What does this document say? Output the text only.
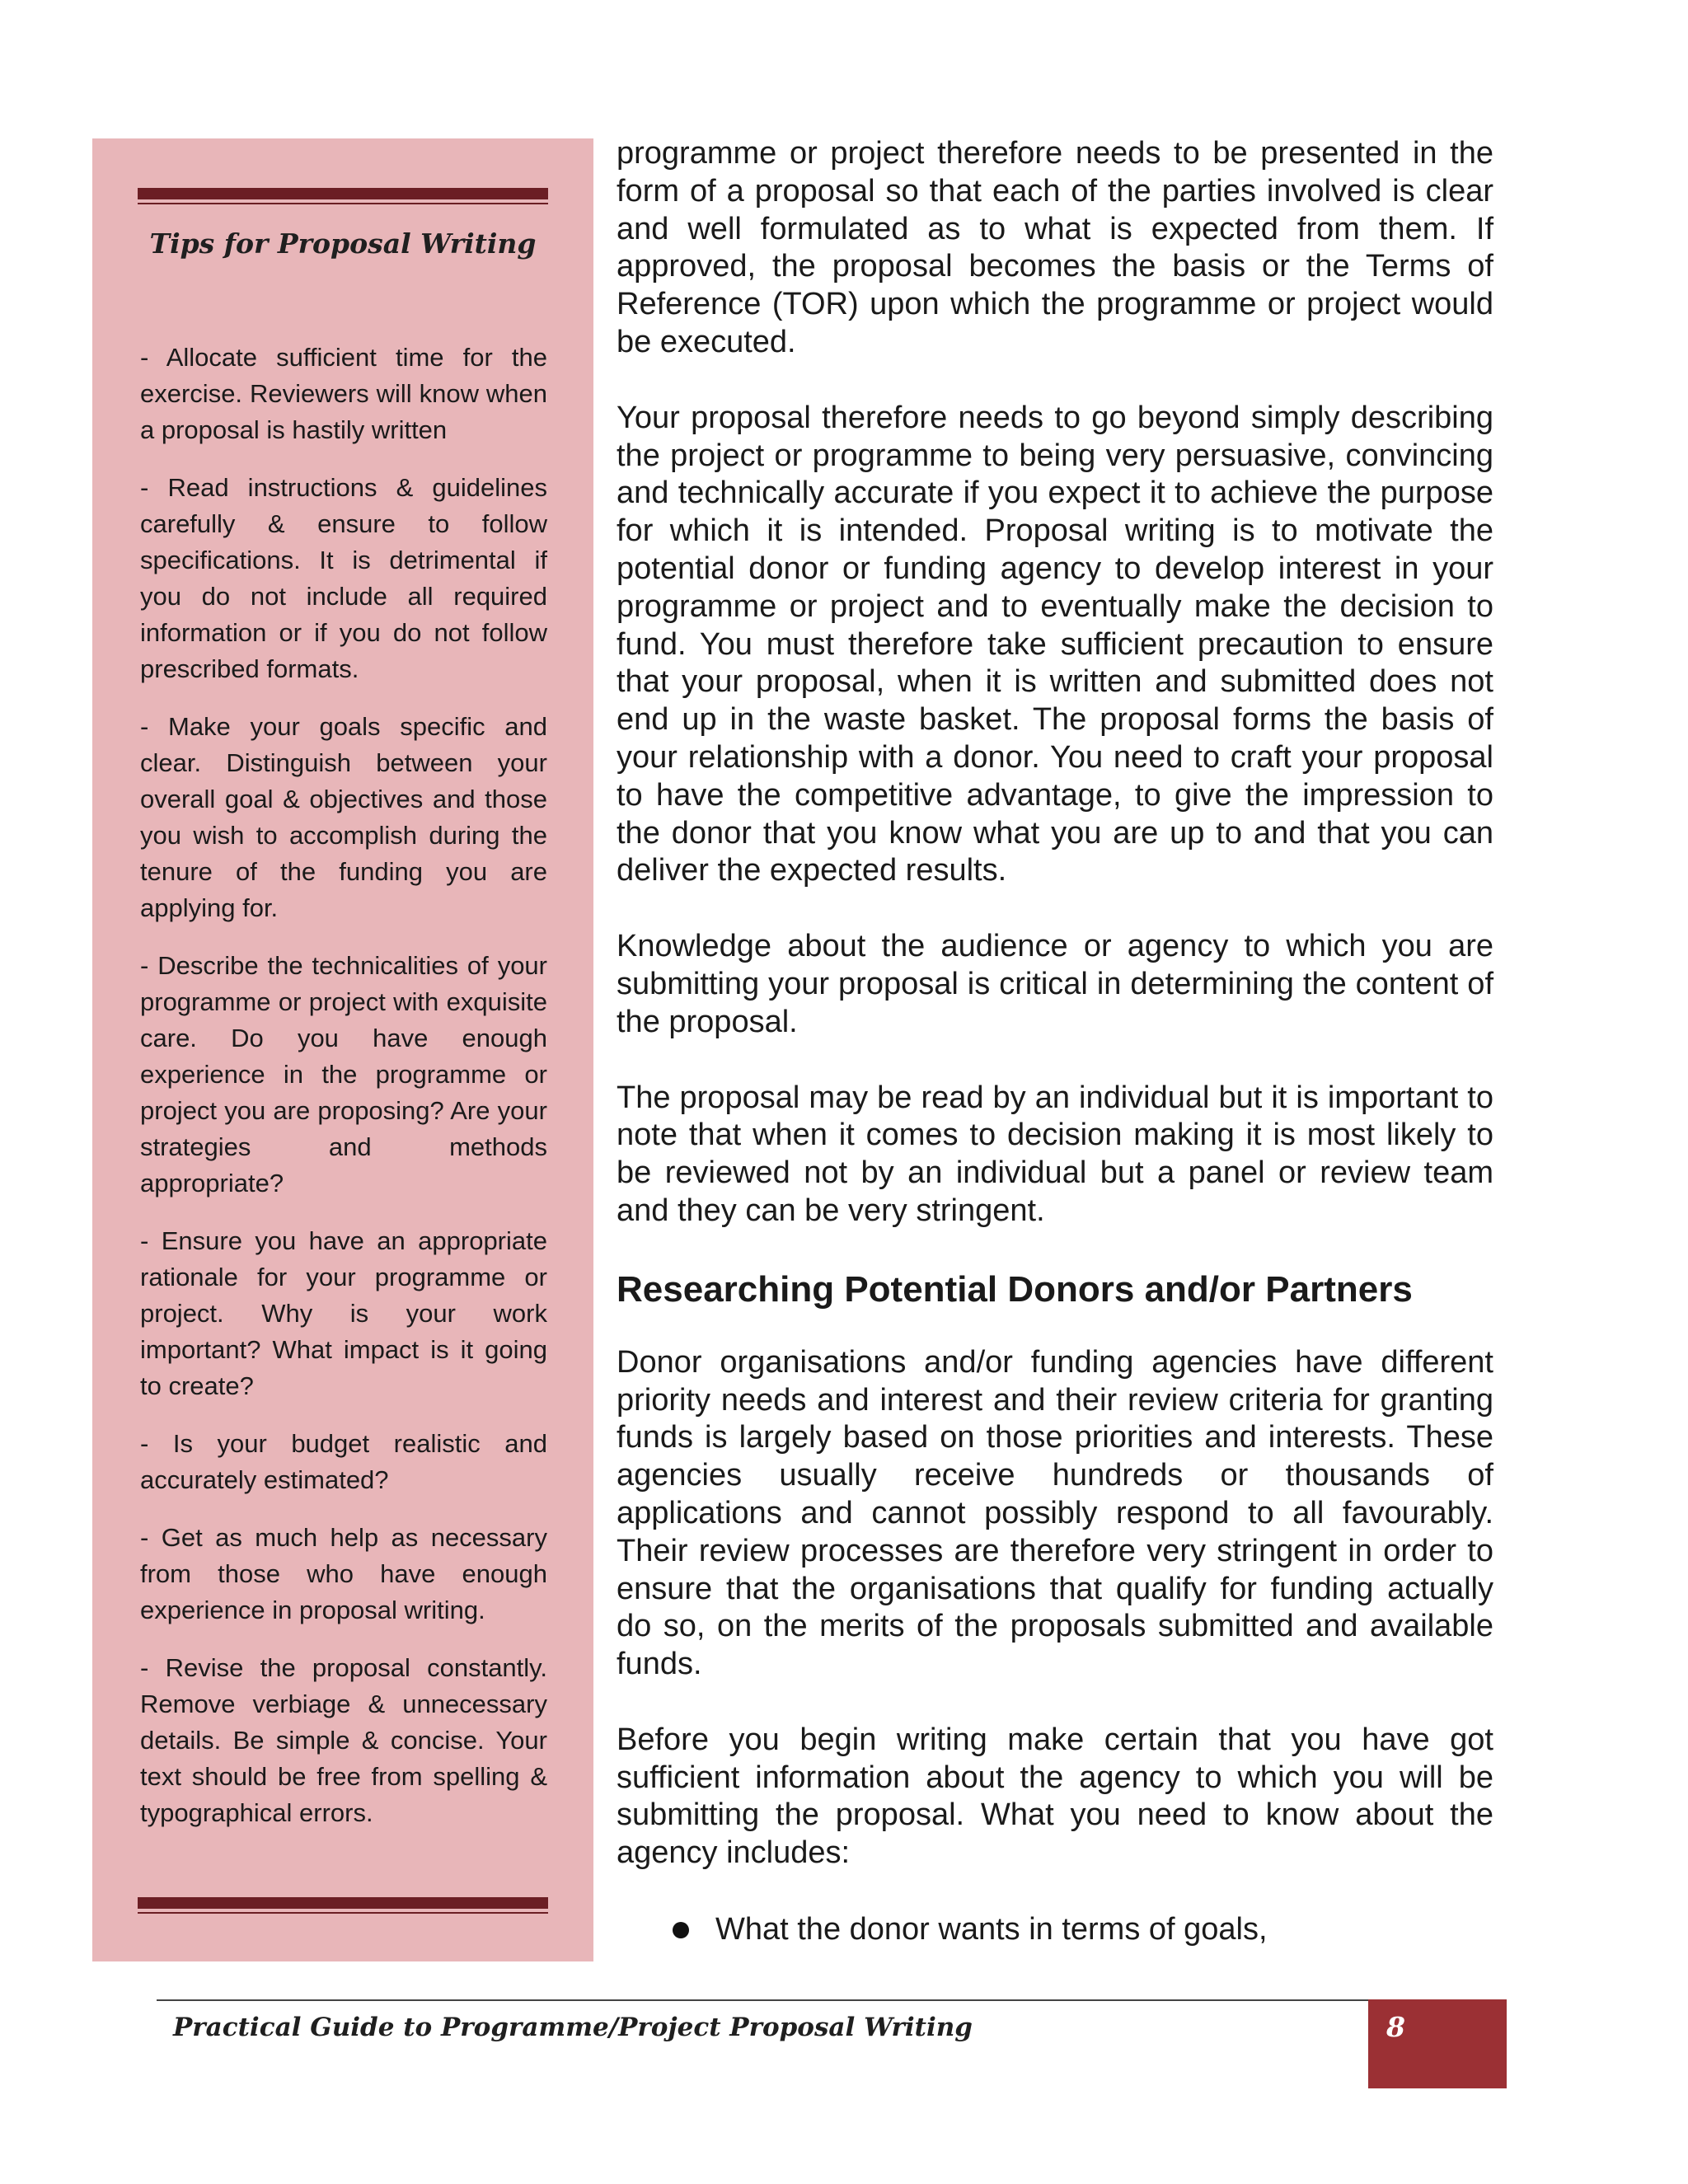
Tips for Proposal Writing
- Allocate sufficient time for the exercise. Reviewers will know when a proposal is hastily written
- Read instructions & guidelines carefully & ensure to follow specifications. It is detrimental if you do not include all required information or if you do not follow prescribed formats.
- Make your goals specific and clear. Distinguish between your overall goal & objectives and those you wish to accomplish during the tenure of the funding you are applying for.
- Describe the technicalities of your programme or project with exquisite care. Do you have enough experience in the programme or project you are proposing? Are your strategies and methods appropriate?
- Ensure you have an appropriate rationale for your programme or project. Why is your work important? What impact is it going to create?
- Is your budget realistic and accurately estimated?
- Get as much help as necessary from those who have enough experience in proposal writing.
- Revise the proposal constantly. Remove verbiage & unnecessary details. Be simple & concise. Your text should be free from spelling & typographical errors.

programme or project therefore needs to be presented in the form of a proposal so that each of the parties involved is clear and well formulated as to what is expected from them. If approved, the proposal becomes the basis or the Terms of Reference (TOR) upon which the programme or project would be executed.

Your proposal therefore needs to go beyond simply describing the project or programme to being very persuasive, convincing and technically accurate if you expect it to achieve the purpose for which it is intended. Proposal writing is to motivate the potential donor or funding agency to develop interest in your programme or project and to eventually make the decision to fund. You must therefore take sufficient precaution to ensure that your proposal, when it is written and submitted does not end up in the waste basket. The proposal forms the basis of your relationship with a donor. You need to craft your proposal to have the competitive advantage, to give the impression to the donor that you know what you are up to and that you can deliver the expected results.

Knowledge about the audience or agency to which you are submitting your proposal is critical in determining the content of the proposal.

The proposal may be read by an individual but it is important to note that when it comes to decision making it is most likely to be reviewed not by an individual but a panel or review team and they can be very stringent.

Researching Potential Donors and/or Partners

Donor organisations and/or funding agencies have different priority needs and interest and their review criteria for granting funds is largely based on those priorities and interests. These agencies usually receive hundreds or thousands of applications and cannot possibly respond to all favourably. Their review processes are therefore very stringent in order to ensure that the organisations that qualify for funding actually do so, on the merits of the proposals submitted and available funds.

Before you begin writing make certain that you have got sufficient information about the agency to which you will be submitting the proposal. What you need to know about the agency includes:

What the donor wants in terms of goals,
Practical Guide to Programme/Project Proposal Writing	8
